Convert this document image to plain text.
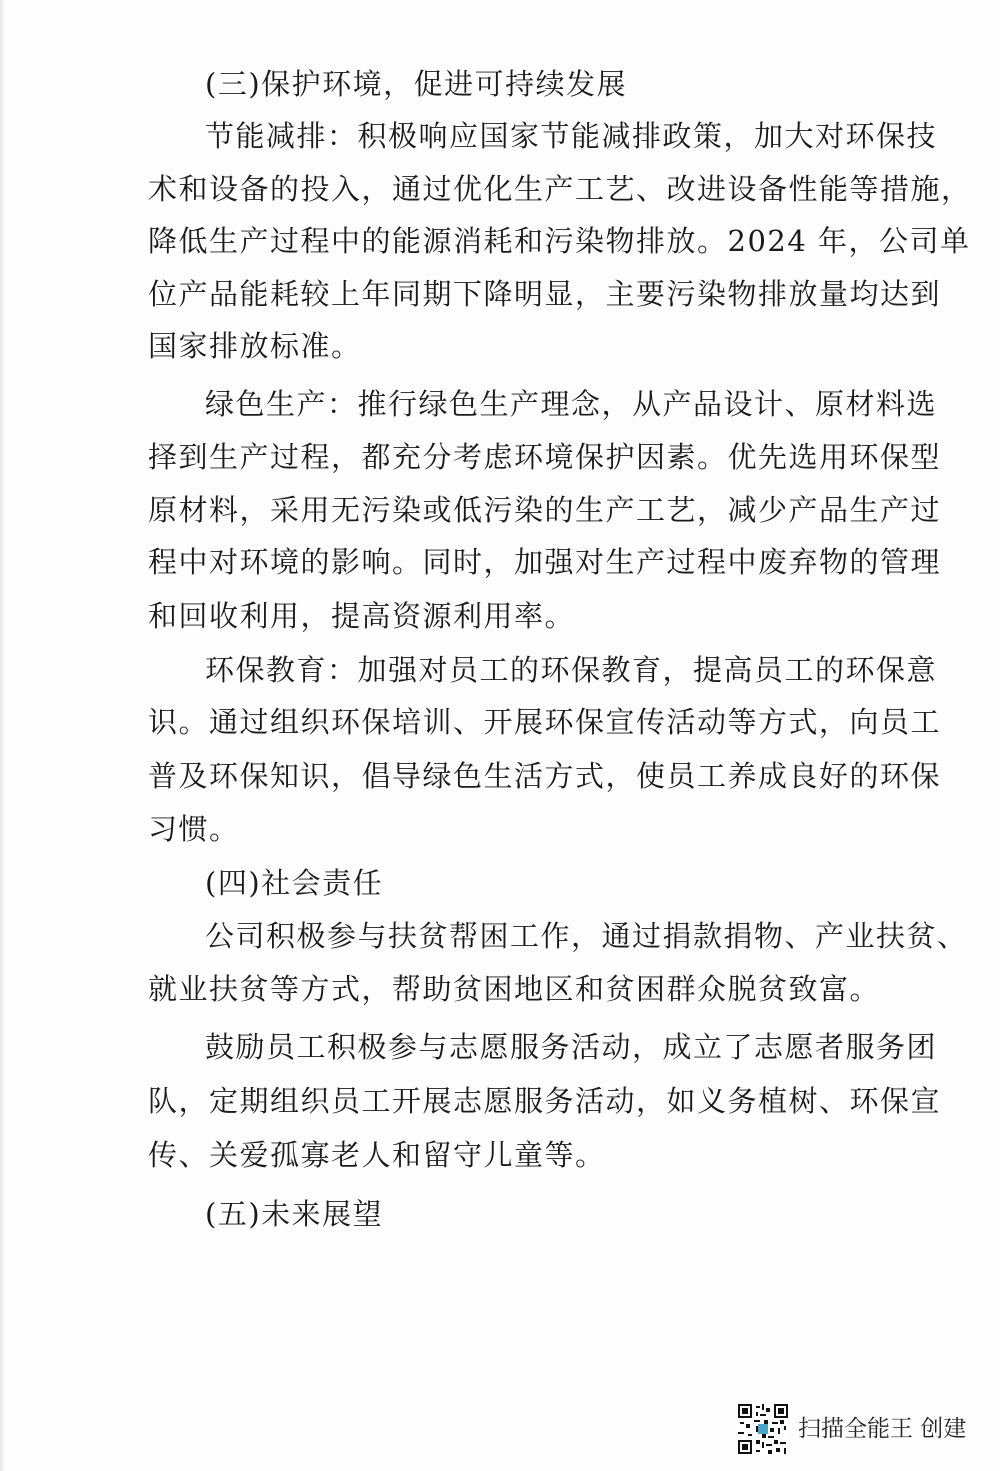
(三)保护环境，促进可持续发展
节能减排：积极响应国家节能减排政策，加大对环保技
术和设备的投入，通过优化生产工艺、改进设备性能等措施，
降低生产过程中的能源消耗和污染物排放。2024 年，公司单
位产品能耗较上年同期下降明显，主要污染物排放量均达到
国家排放标准。
绿色生产：推行绿色生产理念，从产品设计、原材料选
择到生产过程，都充分考虑环境保护因素。优先选用环保型
原材料，采用无污染或低污染的生产工艺，减少产品生产过
程中对环境的影响。同时，加强对生产过程中废弃物的管理
和回收利用，提高资源利用率。
环保教育：加强对员工的环保教育，提高员工的环保意
识。通过组织环保培训、开展环保宣传活动等方式，向员工
普及环保知识，倡导绿色生活方式，使员工养成良好的环保
习惯。
(四)社会责任
公司积极参与扶贫帮困工作，通过捐款捐物、产业扶贫、
就业扶贫等方式，帮助贫困地区和贫困群众脱贫致富。
鼓励员工积极参与志愿服务活动，成立了志愿者服务团
队，定期组织员工开展志愿服务活动，如义务植树、环保宣
传、关爱孤寡老人和留守儿童等。
(五)未来展望
扫描全能王 创建
